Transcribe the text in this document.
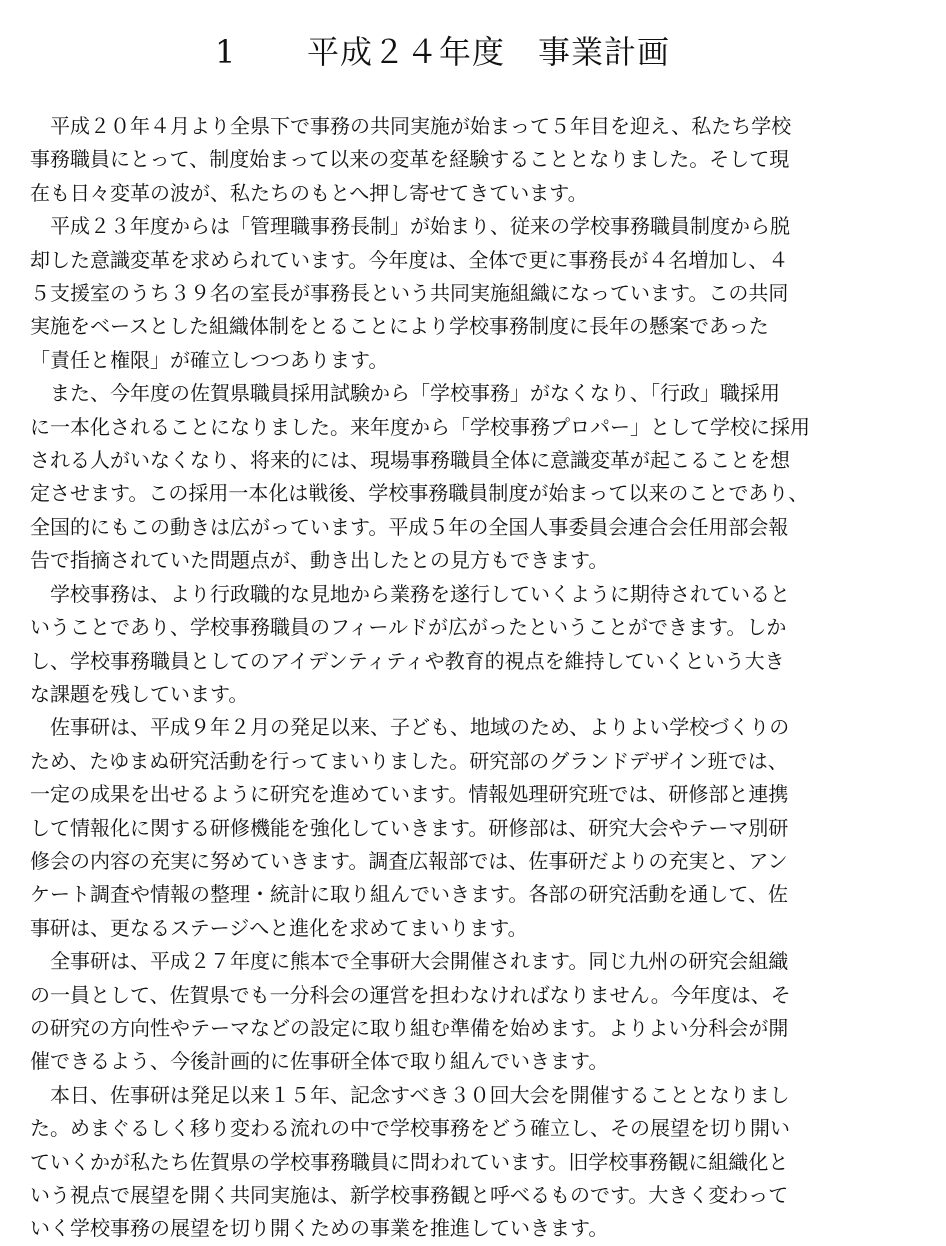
1	平成２４年度　事業計画

平成２０年４月より全県下で事務の共同実施が始まって５年目を迎え、私たち学校
事務職員にとって、制度始まって以来の変革を経験することとなりました。そして現
在も日々変革の波が、私たちのもとへ押し寄せてきています。

平成２３年度からは「管理職事務長制」が始まり、従来の学校事務職員制度から脱
却した意識変革を求められています。今年度は、全体で更に事務長が４名増加し、４
５支援室のうち３９名の室長が事務長という共同実施組織になっています。この共同
実施をベースとした組織体制をとることにより学校事務制度に長年の懸案であった
「責任と権限」が確立しつつあります。

また、今年度の佐賀県職員採用試験から「学校事務」がなくなり、「行政」職採用
に一本化されることになりました。来年度から「学校事務プロパー」として学校に採用
される人がいなくなり、将来的には、現場事務職員全体に意識変革が起こることを想
定させます。この採用一本化は戦後、学校事務職員制度が始まって以来のことであり、
全国的にもこの動きは広がっています。平成５年の全国人事委員会連合会任用部会報
告で指摘されていた問題点が、動き出したとの見方もできます。

学校事務は、より行政職的な見地から業務を遂行していくように期待されていると
いうことであり、学校事務職員のフィールドが広がったということができます。しか
し、学校事務職員としてのアイデンティティや教育的視点を維持していくという大き
な課題を残しています。

佐事研は、平成９年２月の発足以来、子ども、地域のため、よりよい学校づくりの
ため、たゆまぬ研究活動を行ってまいりました。研究部のグランドデザイン班では、
一定の成果を出せるように研究を進めています。情報処理研究班では、研修部と連携
して情報化に関する研修機能を強化していきます。研修部は、研究大会やテーマ別研
修会の内容の充実に努めていきます。調査広報部では、佐事研だよりの充実と、アン
ケート調査や情報の整理・統計に取り組んでいきます。各部の研究活動を通して、佐
事研は、更なるステージへと進化を求めてまいります。

全事研は、平成２７年度に熊本で全事研大会開催されます。同じ九州の研究会組織
の一員として、佐賀県でも一分科会の運営を担わなければなりません。今年度は、そ
の研究の方向性やテーマなどの設定に取り組む準備を始めます。よりよい分科会が開
催できるよう、今後計画的に佐事研全体で取り組んでいきます。

本日、佐事研は発足以来１５年、記念すべき３０回大会を開催することとなりまし
た。めまぐるしく移り変わる流れの中で学校事務をどう確立し、その展望を切り開い
ていくかが私たち佐賀県の学校事務職員に問われています。旧学校事務観に組織化と
いう視点で展望を開く共同実施は、新学校事務観と呼べるものです。大きく変わって
いく学校事務の展望を切り開くための事業を推進していきます。
